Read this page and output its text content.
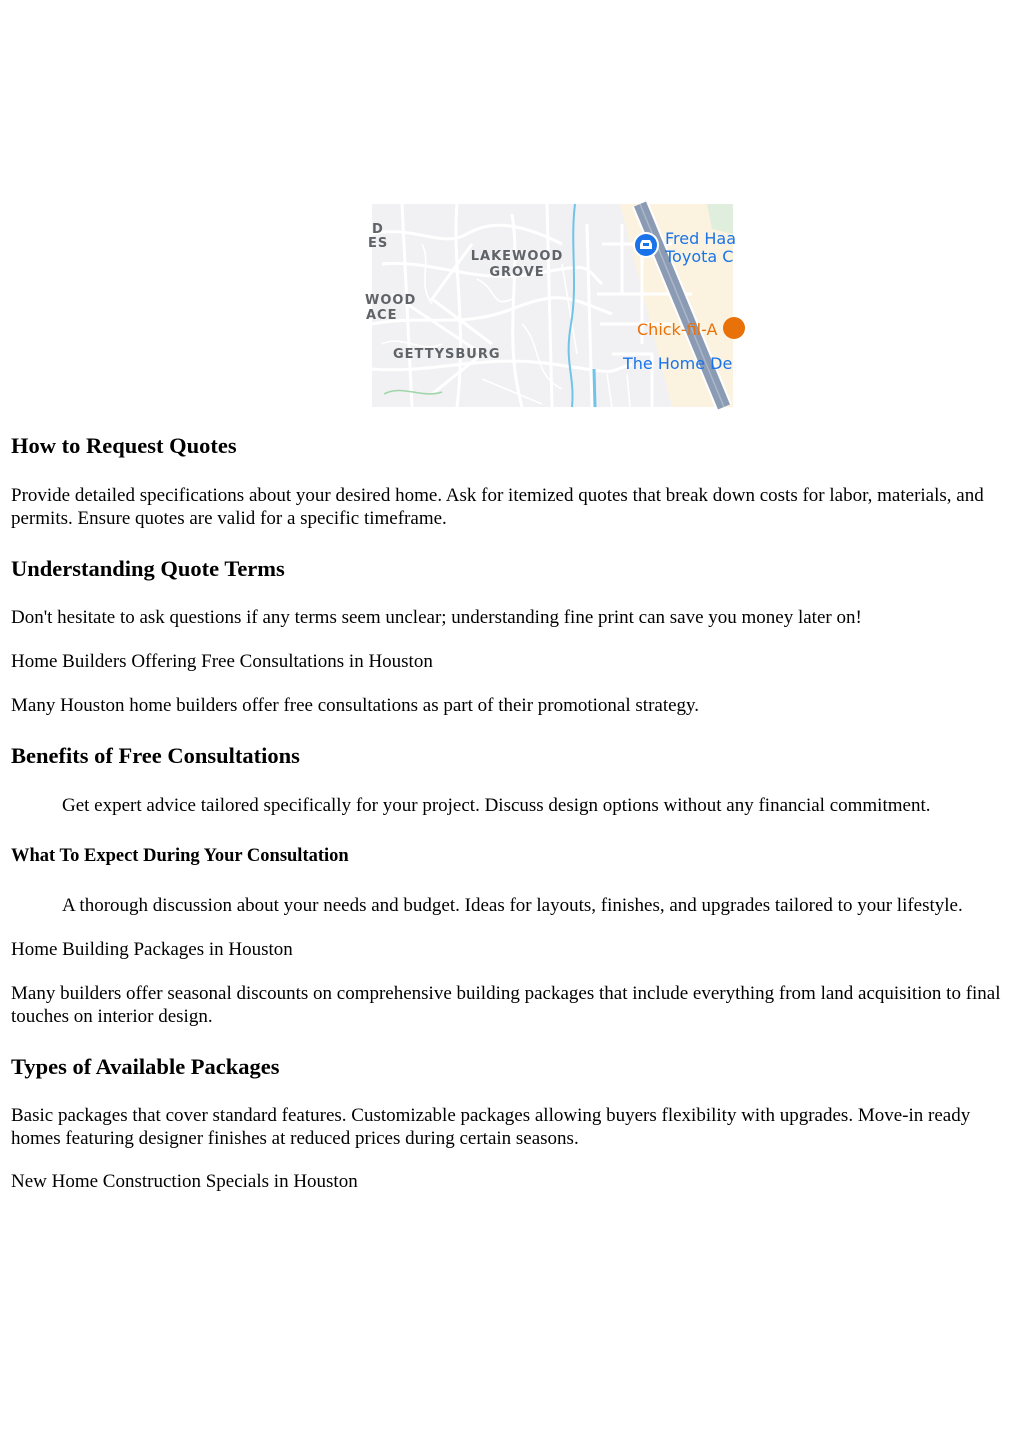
LAKEWOOD
GROVE
GETTYSBURG
D
ES
WOOD
ACE
Fred Haa
Toyota C
Chick-fil-A
The Home De
How to Request Quotes

Provide detailed specifications about your desired home. Ask for itemized quotes that break down costs for labor, materials, and permits. Ensure quotes are valid for a specific timeframe.

Understanding Quote Terms

Don't hesitate to ask questions if any terms seem unclear; understanding fine print can save you money later on!

Home Builders Offering Free Consultations in Houston

Many Houston home builders offer free consultations as part of their promotional strategy.

Benefits of Free Consultations

Get expert advice tailored specifically for your project. Discuss design options without any financial commitment.

What To Expect During Your Consultation

A thorough discussion about your needs and budget. Ideas for layouts, finishes, and upgrades tailored to your lifestyle.

Home Building Packages in Houston

Many builders offer seasonal discounts on comprehensive building packages that include everything from land acquisition to final touches on interior design.

Types of Available Packages

Basic packages that cover standard features. Customizable packages allowing buyers flexibility with upgrades. Move-in ready homes featuring designer finishes at reduced prices during certain seasons.

New Home Construction Specials in Houston
